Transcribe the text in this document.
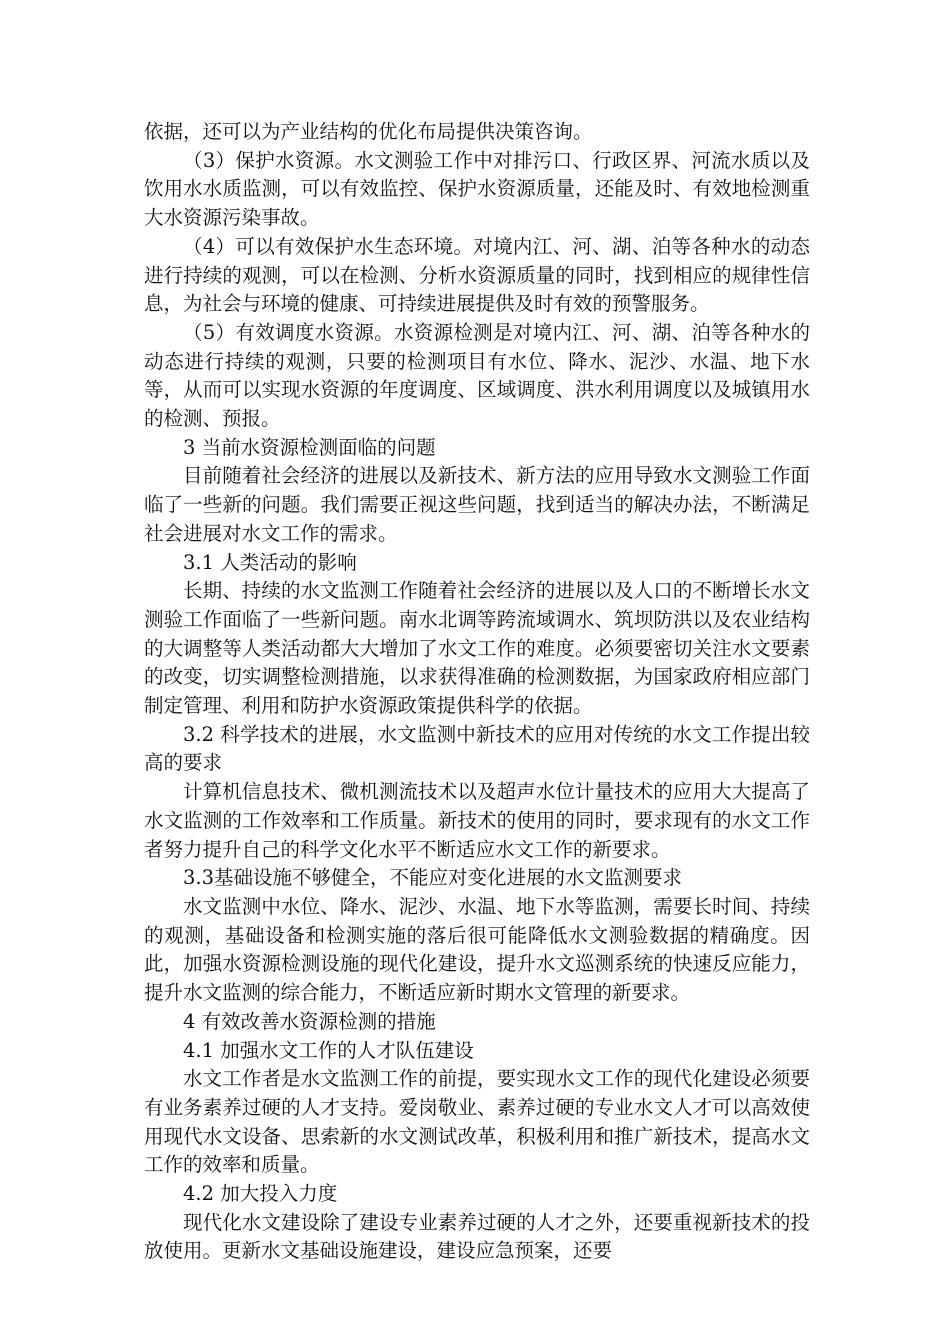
依据，还可以为产业结构的优化布局提供决策咨询。

（3）保护水资源。水文测验工作中对排污口、行政区界、河流水质以及饮用水水质监测，可以有效监控、保护水资源质量，还能及时、有效地检测重大水资源污染事故。

（4）可以有效保护水生态环境。对境内江、河、湖、泊等各种水的动态进行持续的观测，可以在检测、分析水资源质量的同时，找到相应的规律性信息，为社会与环境的健康、可持续进展提供及时有效的预警服务。

（5）有效调度水资源。水资源检测是对境内江、河、湖、泊等各种水的动态进行持续的观测，只要的检测项目有水位、降水、泥沙、水温、地下水等，从而可以实现水资源的年度调度、区域调度、洪水利用调度以及城镇用水的检测、预报。

3 当前水资源检测面临的问题

目前随着社会经济的进展以及新技术、新方法的应用导致水文测验工作面临了一些新的问题。我们需要正视这些问题，找到适当的解决办法，不断满足社会进展对水文工作的需求。

3.1 人类活动的影响

长期、持续的水文监测工作随着社会经济的进展以及人口的不断增长水文测验工作面临了一些新问题。南水北调等跨流域调水、筑坝防洪以及农业结构的大调整等人类活动都大大增加了水文工作的难度。必须要密切关注水文要素的改变，切实调整检测措施，以求获得准确的检测数据，为国家政府相应部门制定管理、利用和防护水资源政策提供科学的依据。

3.2 科学技术的进展，水文监测中新技术的应用对传统的水文工作提出较高的要求

计算机信息技术、微机测流技术以及超声水位计量技术的应用大大提高了水文监测的工作效率和工作质量。新技术的使用的同时，要求现有的水文工作者努力提升自己的科学文化水平不断适应水文工作的新要求。

3.3基础设施不够健全，不能应对变化进展的水文监测要求

水文监测中水位、降水、泥沙、水温、地下水等监测，需要长时间、持续的观测，基础设备和检测实施的落后很可能降低水文测验数据的精确度。因此，加强水资源检测设施的现代化建设，提升水文巡测系统的快速反应能力，提升水文监测的综合能力，不断适应新时期水文管理的新要求。

4 有效改善水资源检测的措施

4.1 加强水文工作的人才队伍建设

水文工作者是水文监测工作的前提，要实现水文工作的现代化建设必须要有业务素养过硬的人才支持。爱岗敬业、素养过硬的专业水文人才可以高效使用现代水文设备、思索新的水文测试改革，积极利用和推广新技术，提高水文工作的效率和质量。

4.2 加大投入力度

现代化水文建设除了建设专业素养过硬的人才之外，还要重视新技术的投放使用。更新水文基础设施建设，建设应急预案，还要
